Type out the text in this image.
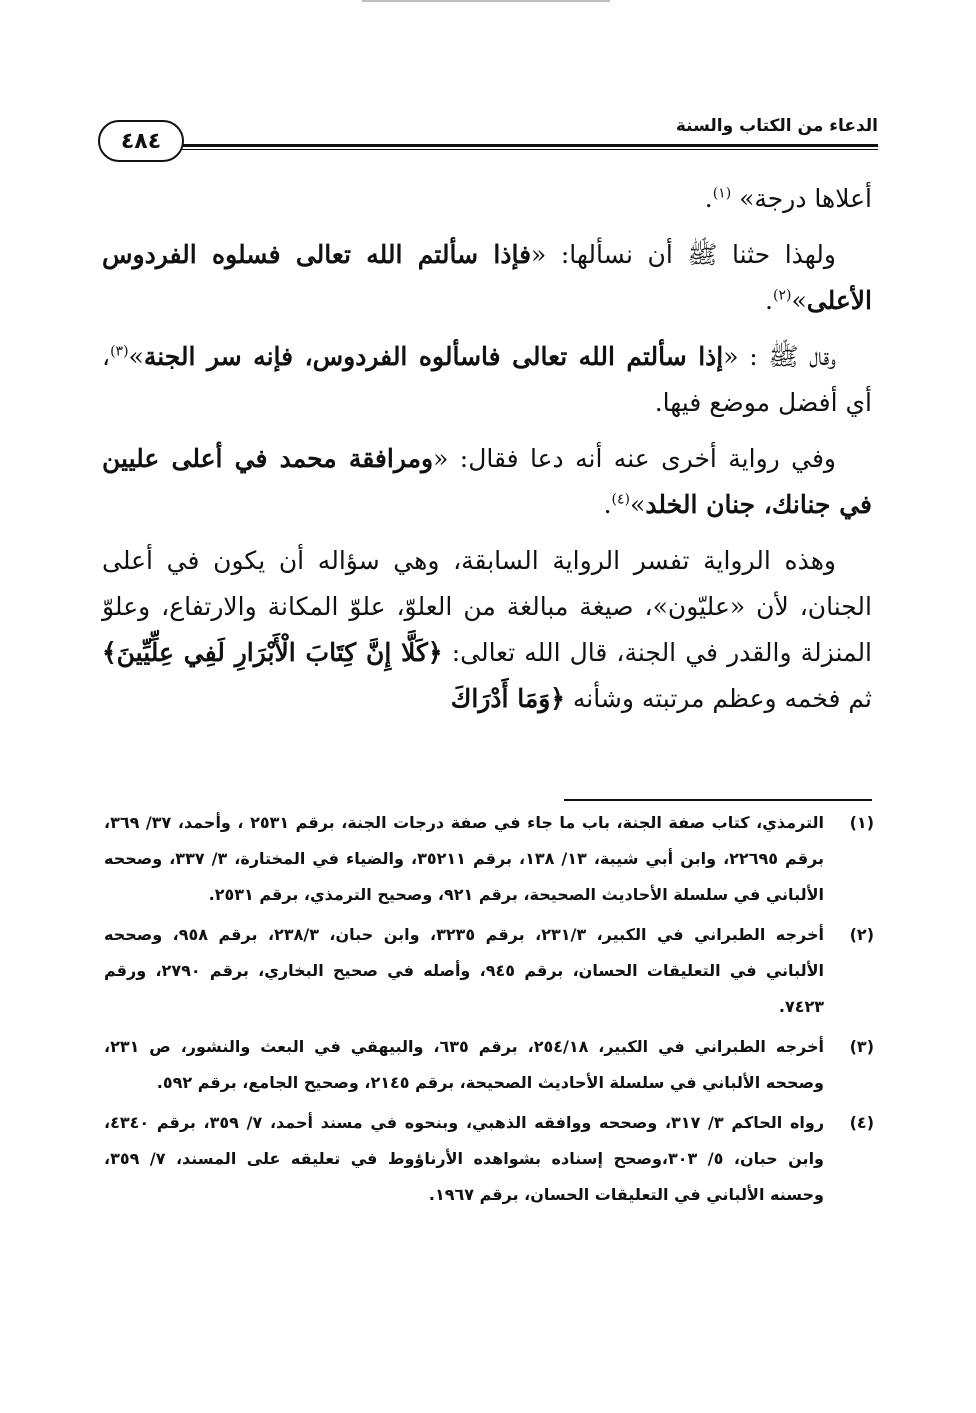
الدعاء من الكتاب والسنة
٤٨٤

أعلاها درجة» $^{(١)}$.

ولهذا حثنا ﷺ أن نسألها: «فإذا سألتم الله تعالى فسلوه الفردوس الأعلى»$^{(٢)}$.

وقال ﷺ : «إذا سألتم الله تعالى فاسألوه الفردوس، فإنه سر الجنة»$^{(٣)}$، أي أفضل موضع فيها.

وفي رواية أخرى عنه أنه دعا فقال: «ومرافقة محمد في أعلى عليين في جنانك، جنان الخلد»$^{(٤)}$.

وهذه الرواية تفسر الرواية السابقة، وهي سؤاله أن يكون في أعلى الجنان، لأن «عليّون»، صيغة مبالغة من العلوّ، علوّ المكانة والارتفاع، وعلوّ المنزلة والقدر في الجنة، قال الله تعالى: ﴿كَلَّا إِنَّ كِتَابَ الْأَبْرَارِ لَفِي عِلِّيِّينَ﴾ ثم فخمه وعظم مرتبته وشأنه ﴿وَمَا أَدْرَاكَ

(١)
الترمذي، كتاب صفة الجنة، باب ما جاء في صفة درجات الجنة، برقم ٢٥٣١ ، وأحمد، ٣٧/ ٣٦٩، برقم ٢٢٦٩٥، وابن أبي شيبة، ١٣/ ١٣٨، برقم ٣٥٢١١، والضياء في المختارة، ٣/ ٣٣٧، وصححه الألباني في سلسلة الأحاديث الصحيحة، برقم ٩٢١، وصحيح الترمذي، برقم ٢٥٣١.
(٢)
أخرجه الطبراني في الكبير، ٢٣١/٣، برقم ٣٢٣٥، وابن حبان، ٢٣٨/٣، برقم ٩٥٨، وصححه الألباني في التعليقات الحسان، برقم ٩٤٥، وأصله في صحيح البخاري، برقم ٢٧٩٠، ورقم ٧٤٢٣.
(٣)
أخرجه الطبراني في الكبير، ٢٥٤/١٨، برقم ٦٣٥، والبيهقي في البعث والنشور، ص ٢٣١، وصححه الألباني في سلسلة الأحاديث الصحيحة، برقم ٢١٤٥، وصحيح الجامع، برقم ٥٩٢.
(٤)
رواه الحاكم ٣/ ٣١٧، وصححه ووافقه الذهبي، وبنحوه في مسند أحمد، ٧/ ٣٥٩، برقم ٤٣٤٠، وابن حبان، ٥/ ٣٠٣،وصحح إسناده بشواهده الأرناؤوط في تعليقه على المسند، ٧/ ٣٥٩، وحسنه الألباني في التعليقات الحسان، برقم ١٩٦٧.
